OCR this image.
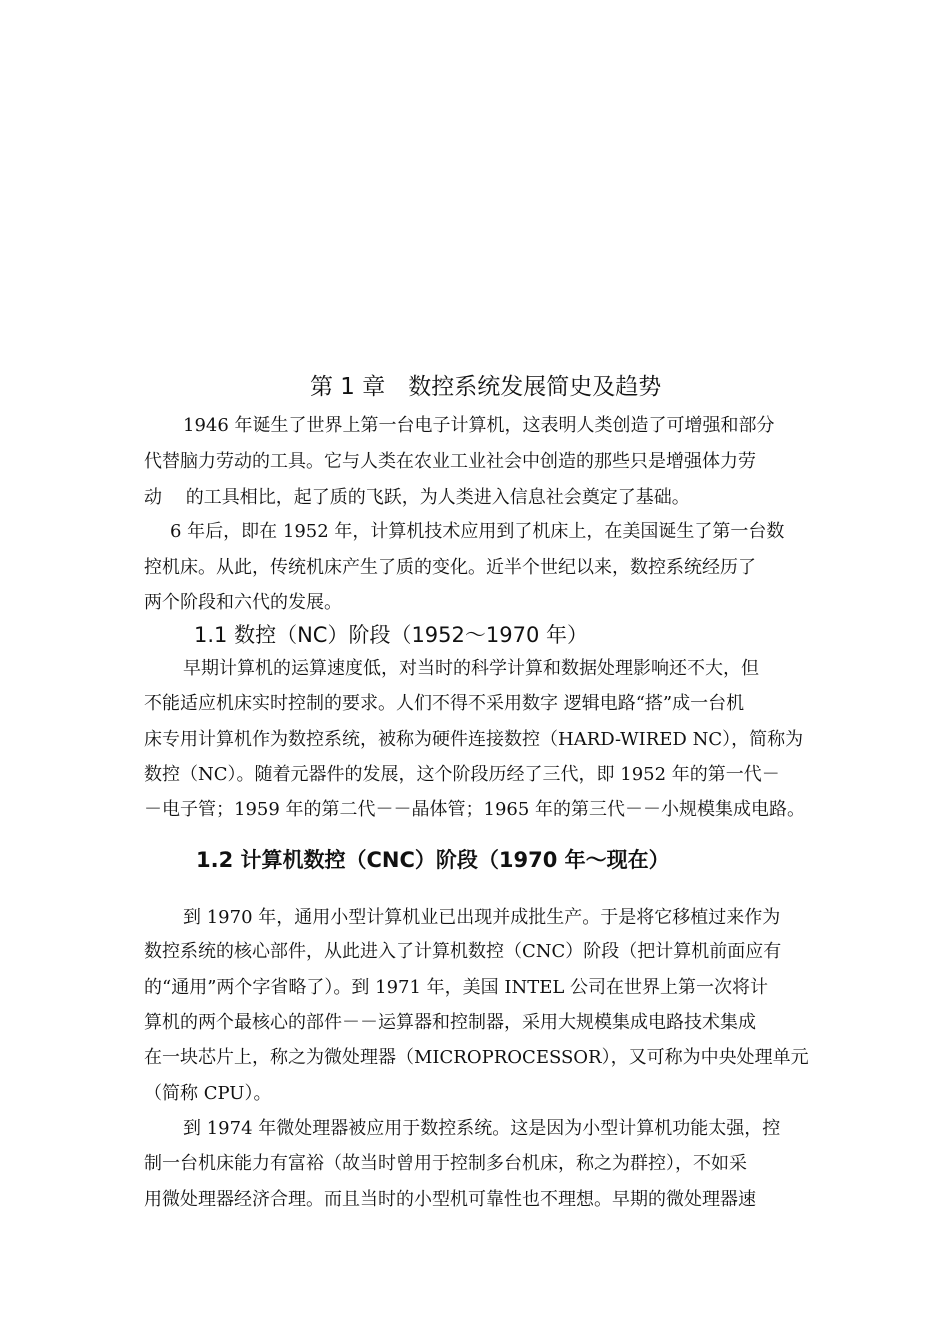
第 1 章　数控系统发展简史及趋势
1946 年诞生了世界上第一台电子计算机，这表明人类创造了可增强和部分
代替脑力劳动的工具。它与人类在农业工业社会中创造的那些只是增强体力劳
动　 的工具相比，起了质的飞跃，为人类进入信息社会奠定了基础。
6 年后，即在 1952 年，计算机技术应用到了机床上，在美国诞生了第一台数
控机床。从此，传统机床产生了质的变化。近半个世纪以来，数控系统经历了
两个阶段和六代的发展。
1.1 数控（NC）阶段（1952～1970 年）
早期计算机的运算速度低，对当时的科学计算和数据处理影响还不大，但
不能适应机床实时控制的要求。人们不得不采用数字 逻辑电路“搭”成一台机
床专用计算机作为数控系统，被称为硬件连接数控（HARD-WIRED NC），简称为
数控（NC）。随着元器件的发展，这个阶段历经了三代，即 1952 年的第一代－
－电子管；1959 年的第二代－－晶体管；1965 年的第三代－－小规模集成电路。
1.2 计算机数控（CNC）阶段（1970 年～现在）
到 1970 年，通用小型计算机业已出现并成批生产。于是将它移植过来作为
数控系统的核心部件，从此进入了计算机数控（CNC）阶段（把计算机前面应有
的“通用”两个字省略了）。到 1971 年，美国 INTEL 公司在世界上第一次将计
算机的两个最核心的部件－－运算器和控制器，采用大规模集成电路技术集成
在一块芯片上，称之为微处理器（MICROPROCESSOR），又可称为中央处理单元
（简称 CPU）。
到 1974 年微处理器被应用于数控系统。这是因为小型计算机功能太强，控
制一台机床能力有富裕（故当时曾用于控制多台机床，称之为群控），不如采
用微处理器经济合理。而且当时的小型机可靠性也不理想。早期的微处理器速
